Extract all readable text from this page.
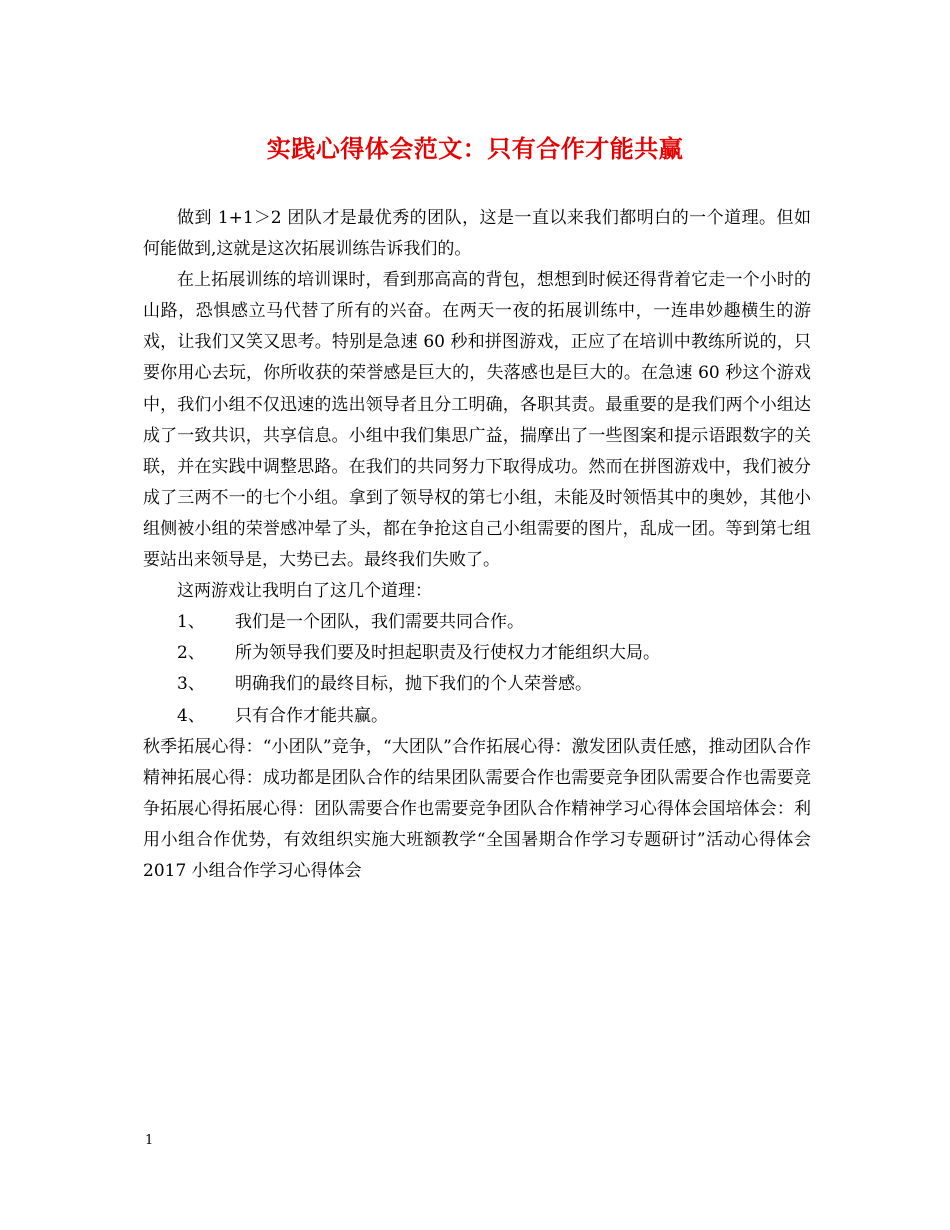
实践心得体会范文：只有合作才能共赢

做到 1+1＞2 团队才是最优秀的团队，这是一直以来我们都明白的一个道理。但如何能做到,这就是这次拓展训练告诉我们的。

在上拓展训练的培训课时，看到那高高的背包，想想到时候还得背着它走一个小时的山路，恐惧感立马代替了所有的兴奋。在两天一夜的拓展训练中，一连串妙趣横生的游戏，让我们又笑又思考。特别是急速 60 秒和拼图游戏，正应了在培训中教练所说的，只要你用心去玩，你所收获的荣誉感是巨大的，失落感也是巨大的。在急速 60 秒这个游戏中，我们小组不仅迅速的选出领导者且分工明确，各职其责。最重要的是我们两个小组达成了一致共识，共享信息。小组中我们集思广益，揣摩出了一些图案和提示语跟数字的关联，并在实践中调整思路。在我们的共同努力下取得成功。然而在拼图游戏中，我们被分成了三两不一的七个小组。拿到了领导权的第七小组，未能及时领悟其中的奥妙，其他小组侧被小组的荣誉感冲晕了头，都在争抢这自己小组需要的图片，乱成一团。等到第七组要站出来领导是，大势已去。最终我们失败了。

这两游戏让我明白了这几个道理：

1、 我们是一个团队，我们需要共同合作。

2、 所为领导我们要及时担起职责及行使权力才能组织大局。

3、 明确我们的最终目标，抛下我们的个人荣誉感。

4、 只有合作才能共赢。

秋季拓展心得：“小团队”竞争，“大团队”合作拓展心得：激发团队责任感，推动团队合作精神拓展心得：成功都是团队合作的结果团队需要合作也需要竞争团队需要合作也需要竞争拓展心得拓展心得：团队需要合作也需要竞争团队合作精神学习心得体会国培体会：利用小组合作优势，有效组织实施大班额教学“全国暑期合作学习专题研讨”活动心得体会 2017 小组合作学习心得体会

1
